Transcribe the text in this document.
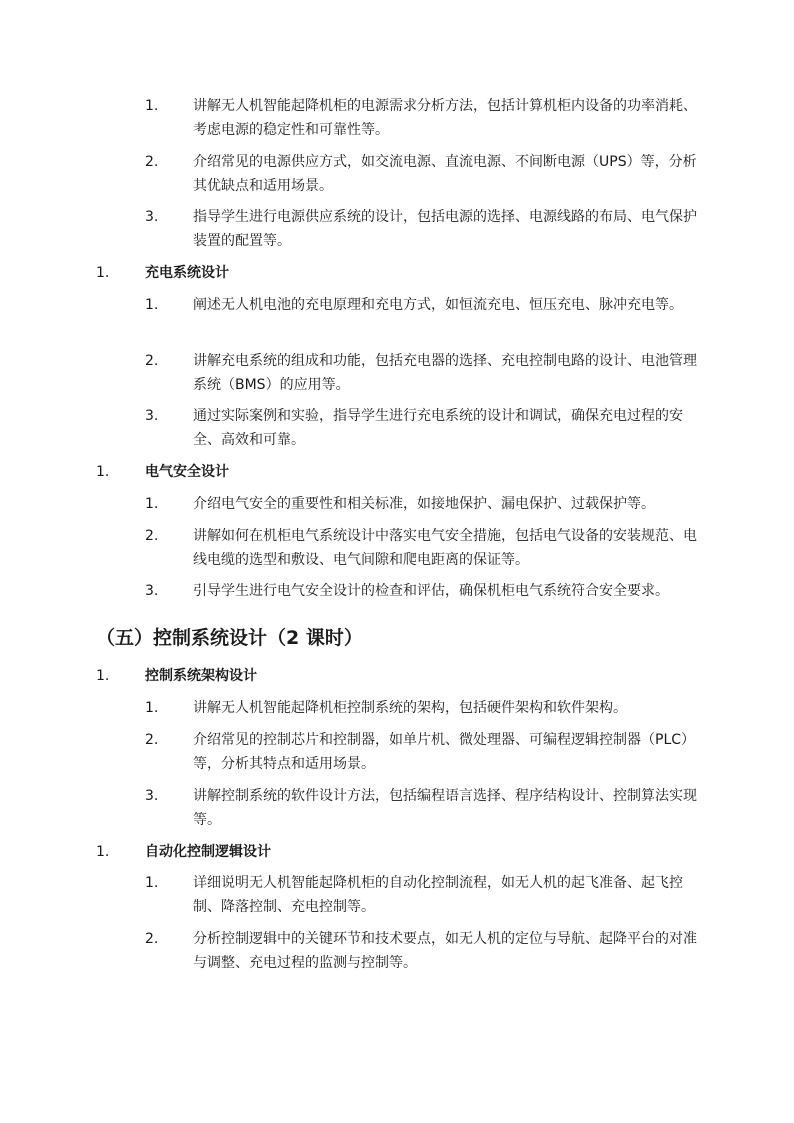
1.	讲解无人机智能起降机柜的电源需求分析方法，包括计算机柜内设备的功率消耗、考虑电源的稳定性和可靠性等。
2.	介绍常见的电源供应方式，如交流电源、直流电源、不间断电源（UPS）等，分析其优缺点和适用场景。
3.	指导学生进行电源供应系统的设计，包括电源的选择、电源线路的布局、电气保护装置的配置等。
1.	充电系统设计
1.	阐述无人机电池的充电原理和充电方式，如恒流充电、恒压充电、脉冲充电等。
2.	讲解充电系统的组成和功能，包括充电器的选择、充电控制电路的设计、电池管理系统（BMS）的应用等。
3.	通过实际案例和实验，指导学生进行充电系统的设计和调试，确保充电过程的安全、高效和可靠。
1.	电气安全设计
1.	介绍电气安全的重要性和相关标准，如接地保护、漏电保护、过载保护等。
2.	讲解如何在机柜电气系统设计中落实电气安全措施，包括电气设备的安装规范、电线电缆的选型和敷设、电气间隙和爬电距离的保证等。
3.	引导学生进行电气安全设计的检查和评估，确保机柜电气系统符合安全要求。
（五）控制系统设计（2 课时）
1.	控制系统架构设计
1.	讲解无人机智能起降机柜控制系统的架构，包括硬件架构和软件架构。
2.	介绍常见的控制芯片和控制器，如单片机、微处理器、可编程逻辑控制器（PLC）等，分析其特点和适用场景。
3.	讲解控制系统的软件设计方法，包括编程语言选择、程序结构设计、控制算法实现等。
1.	自动化控制逻辑设计
1.	详细说明无人机智能起降机柜的自动化控制流程，如无人机的起飞准备、起飞控制、降落控制、充电控制等。
2.	分析控制逻辑中的关键环节和技术要点，如无人机的定位与导航、起降平台的对准与调整、充电过程的监测与控制等。
